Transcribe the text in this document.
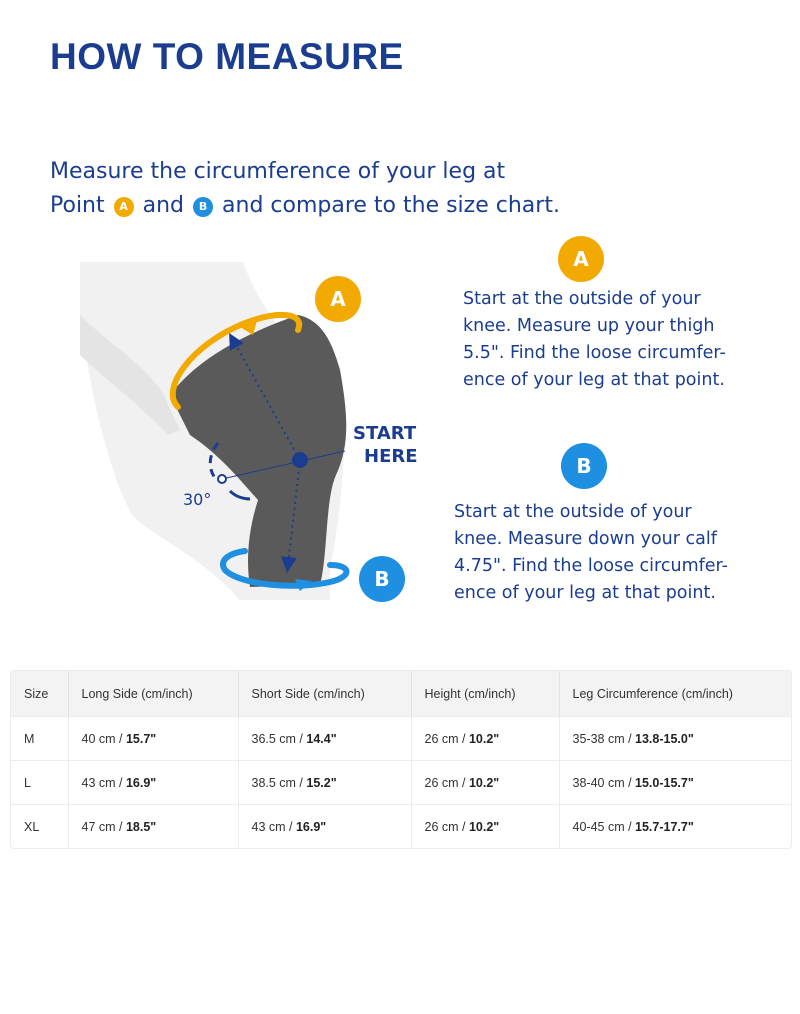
HOW TO MEASURE
Measure the circumference of your leg at
Point A and B and compare to the size chart.
30°
START
HERE
A
B
A
Start at the outside of your
knee. Measure up your thigh
5.5". Find the loose circumfer-
ence of your leg at that point.
B
Start at the outside of your
knee. Measure down your calf
4.75". Find the loose circumfer-
ence of your leg at that point.
Size	Long Side (cm/inch)	Short Side (cm/inch)	Height (cm/inch)	Leg Circumference (cm/inch)
M	40 cm / 15.7"	36.5 cm / 14.4"	26 cm / 10.2"	35-38 cm / 13.8-15.0"
L	43 cm / 16.9"	38.5 cm / 15.2"	26 cm / 10.2"	38-40 cm / 15.0-15.7"
XL	47 cm / 18.5"	43 cm / 16.9"	26 cm / 10.2"	40-45 cm / 15.7-17.7"
